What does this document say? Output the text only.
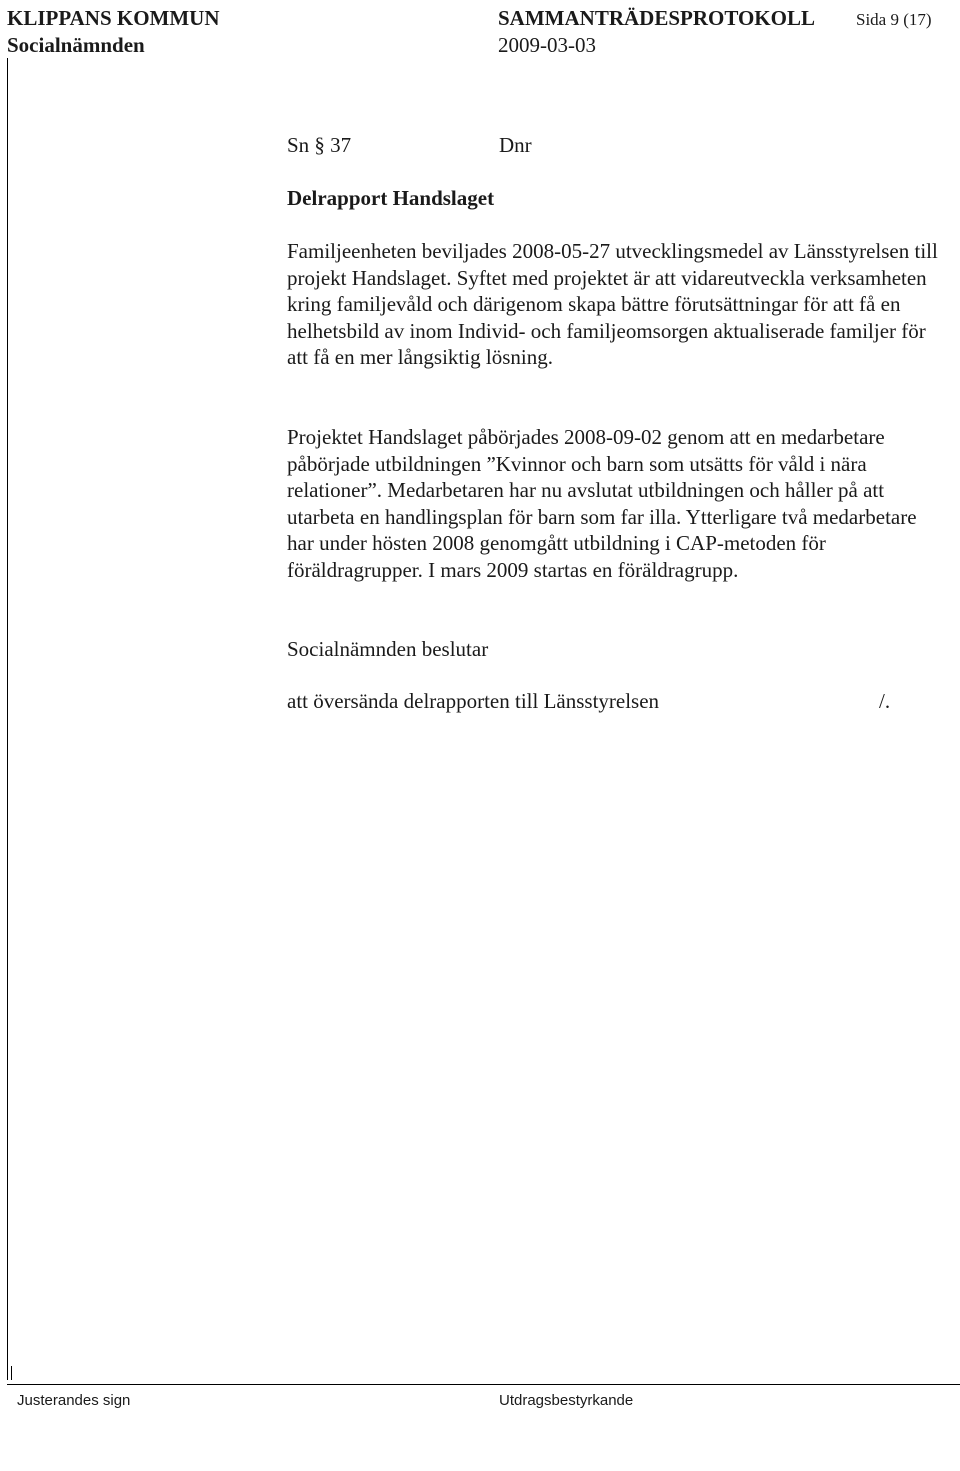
KLIPPANS KOMMUN
Socialnämnden
SAMMANTRÄDESPROTOKOLL Sida 9 (17)
2009-03-03
Sn § 37	Dnr
Delrapport Handslaget

Familjeenheten beviljades 2008-05-27 utvecklingsmedel av Länsstyrelsen till projekt Handslaget. Syftet med projektet är att vidareutveckla verksamheten kring familjevåld och därigenom skapa bättre förutsättningar för att få en helhetsbild av inom Individ- och familjeomsorgen aktualiserade familjer för att få en mer långsiktig lösning.

Projektet Handslaget påbörjades 2008-09-02 genom att en medarbetare påbörjade utbildningen ”Kvinnor och barn som utsätts för våld i nära relationer”. Medarbetaren har nu avslutat utbildningen och håller på att utarbeta en handlingsplan för barn som far illa. Ytterligare två medarbetare har under hösten 2008 genomgått utbildning i CAP-metoden för föräldragrupper. I mars 2009 startas en föräldragrupp.

Socialnämnden beslutar
att översända delrapporten till Länsstyrelsen	/.
Justerandes sign	Utdragsbestyrkande
